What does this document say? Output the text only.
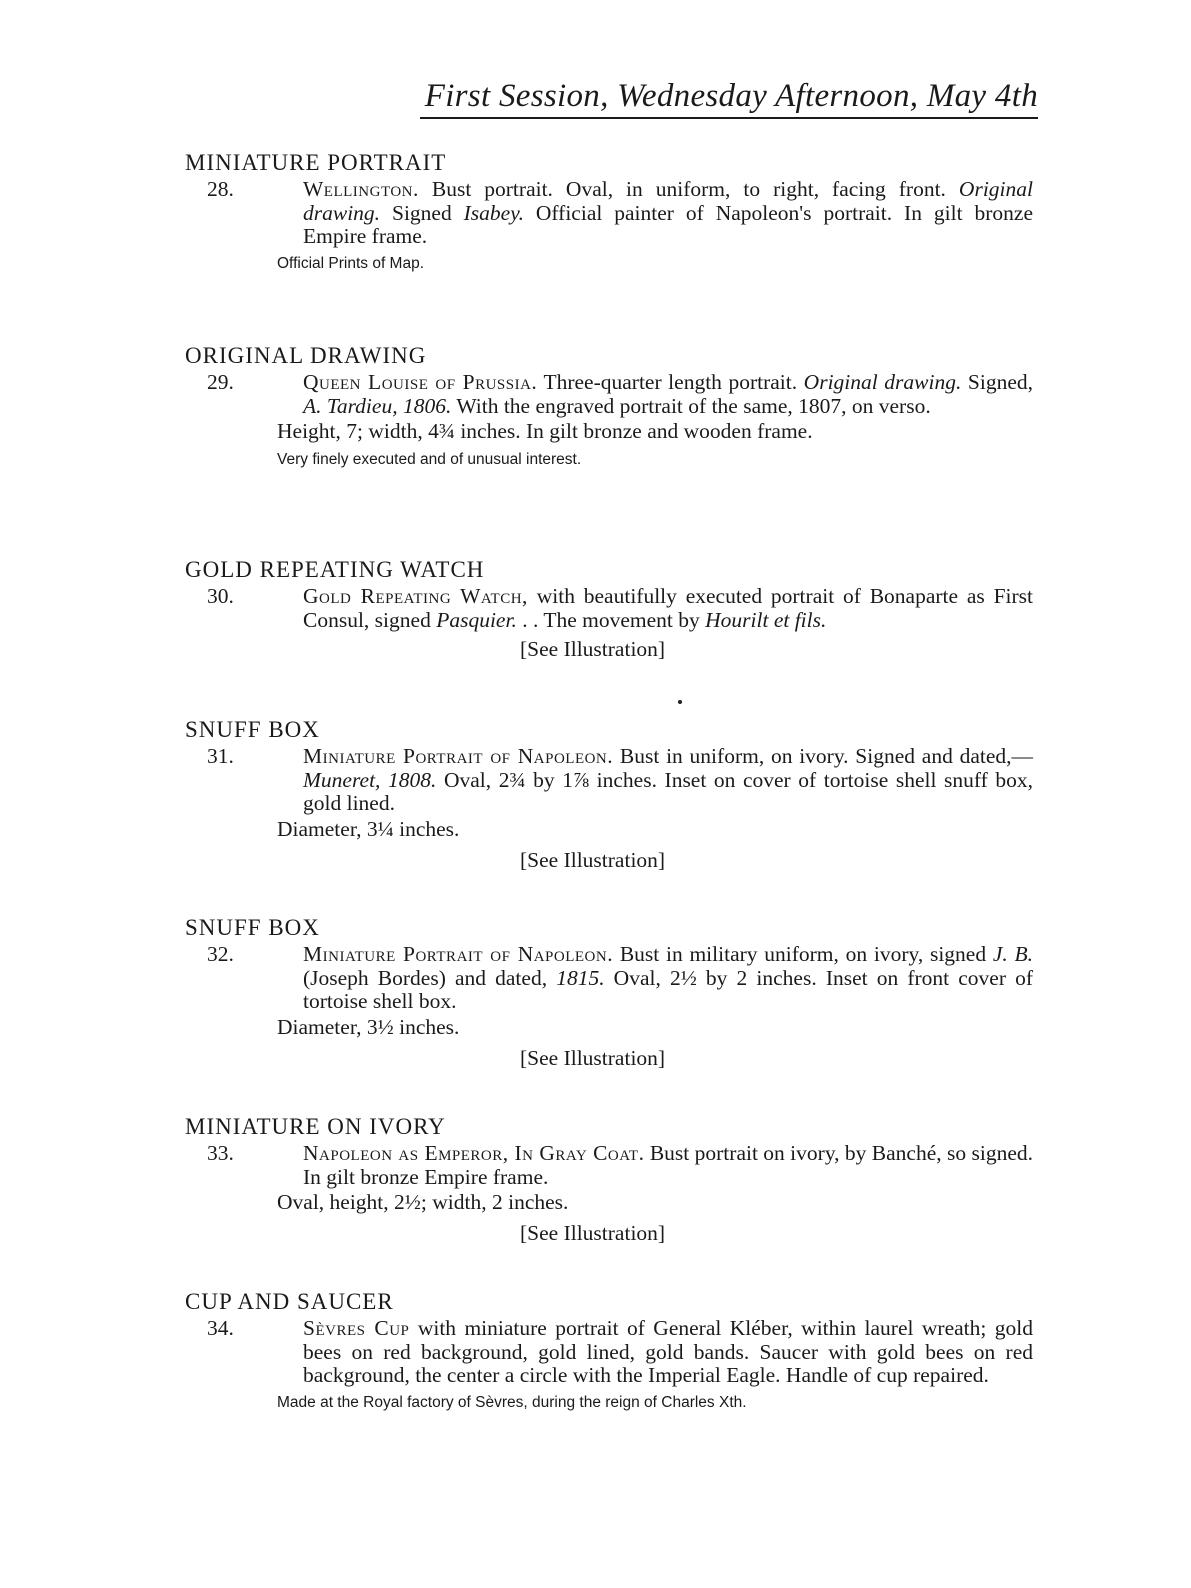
First Session, Wednesday Afternoon, May 4th
MINIATURE PORTRAIT
28.	Wellington. Bust portrait. Oval, in uniform, to right, facing front. Original drawing. Signed Isabey. Official painter of Napoleon's portrait. In gilt bronze Empire frame.
Official Prints of Map.
ORIGINAL DRAWING
29.	Queen Louise of Prussia. Three-quarter length portrait. Original drawing. Signed, A. Tardieu, 1806. With the engraved portrait of the same, 1807, on verso.
Height, 7; width, 4¾ inches. In gilt bronze and wooden frame.
Very finely executed and of unusual interest.
GOLD REPEATING WATCH
30.	Gold Repeating Watch, with beautifully executed portrait of Bonaparte as First Consul, signed Pasquier. . . The movement by Hourilt et fils.
[See Illustration]
SNUFF BOX
31.	Miniature Portrait of Napoleon. Bust in uniform, on ivory. Signed and dated,—Muneret, 1808. Oval, 2¾ by 1⅞ inches. Inset on cover of tortoise shell snuff box, gold lined.
Diameter, 3¼ inches.
[See Illustration]
SNUFF BOX
32.	Miniature Portrait of Napoleon. Bust in military uniform, on ivory, signed J. B. (Joseph Bordes) and dated, 1815. Oval, 2½ by 2 inches. Inset on front cover of tortoise shell box.
Diameter, 3½ inches.
[See Illustration]
MINIATURE ON IVORY
33.	Napoleon as Emperor, In Gray Coat. Bust portrait on ivory, by Banché, so signed. In gilt bronze Empire frame.
Oval, height, 2½; width, 2 inches.
[See Illustration]
CUP AND SAUCER
34.	Sèvres Cup with miniature portrait of General Kléber, within laurel wreath; gold bees on red background, gold lined, gold bands. Saucer with gold bees on red background, the center a circle with the Imperial Eagle. Handle of cup repaired.
Made at the Royal factory of Sèvres, during the reign of Charles Xth.
